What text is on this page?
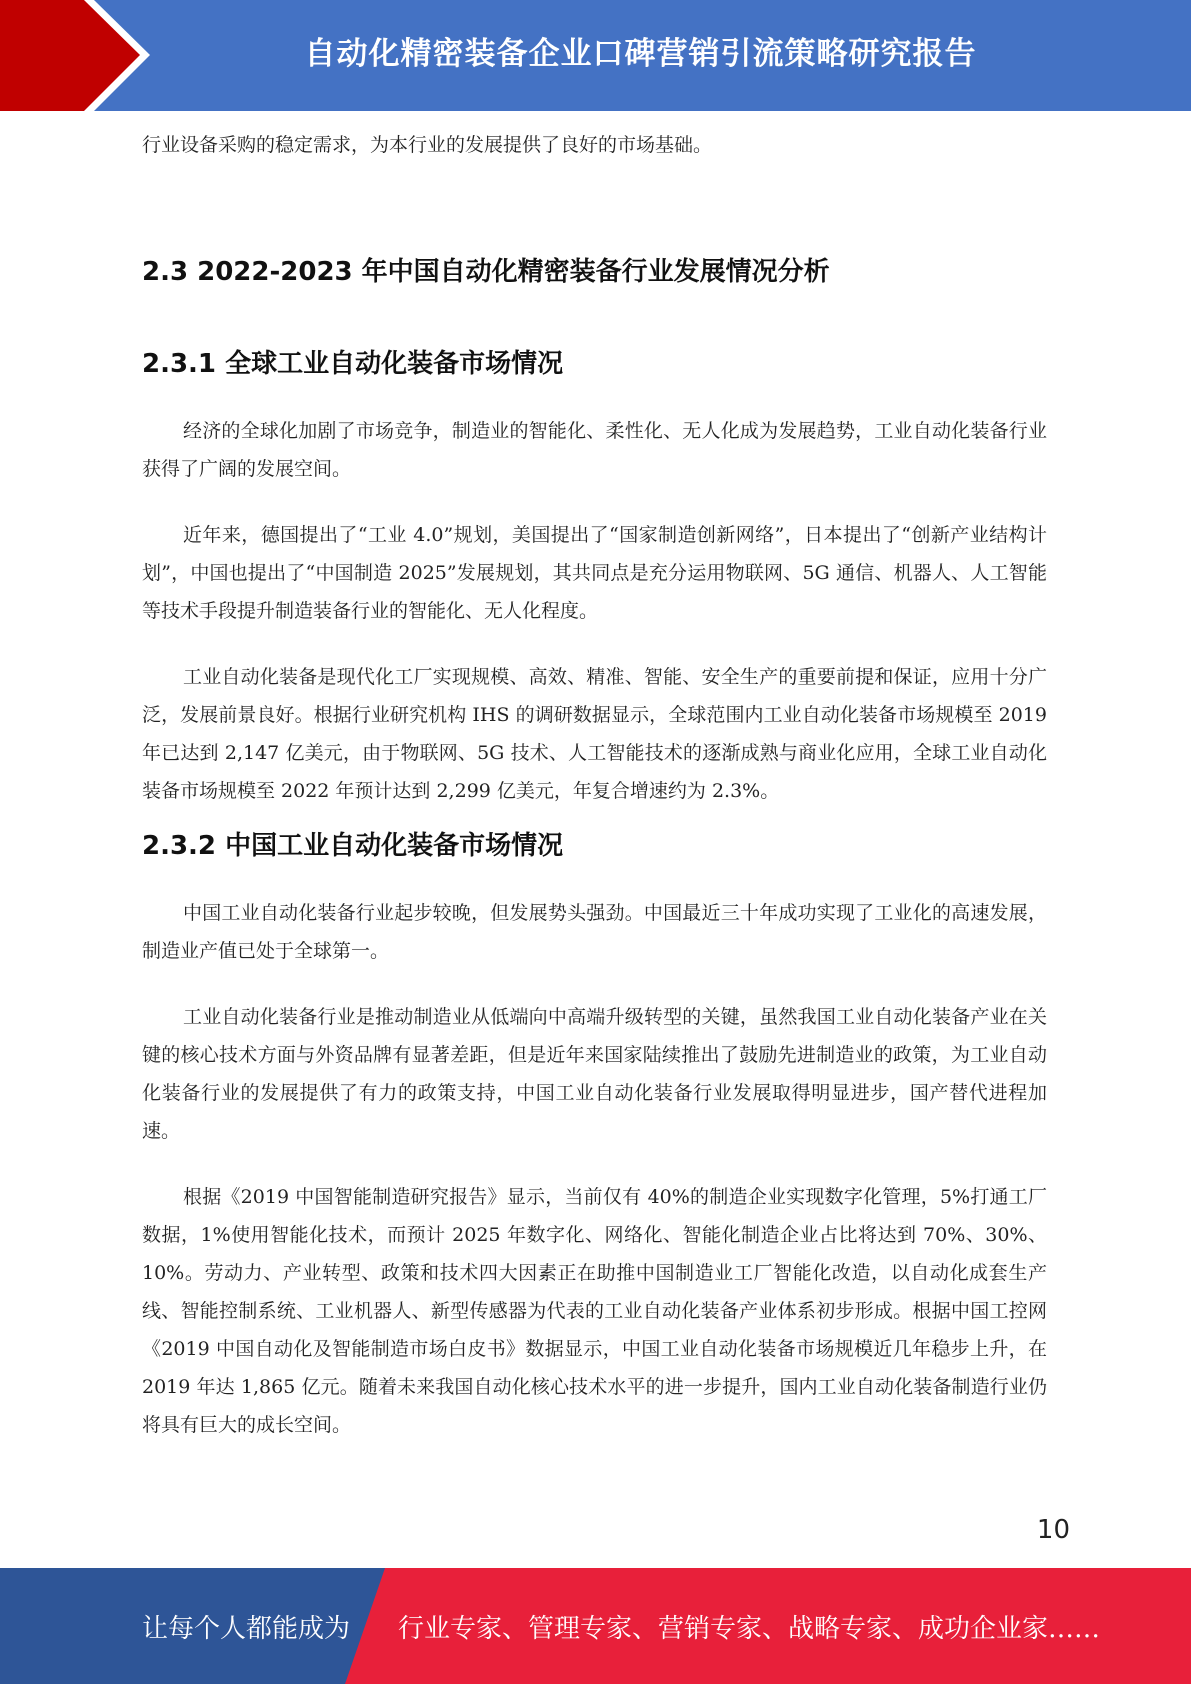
自动化精密装备企业口碑营销引流策略研究报告

行业设备采购的稳定需求，为本行业的发展提供了良好的市场基础。

2.3 2022-2023 年中国自动化精密装备行业发展情况分析
2.3.1 全球工业自动化装备市场情况

经济的全球化加剧了市场竞争，制造业的智能化、柔性化、无人化成为发展趋势，工业自动化装备行业获得了广阔的发展空间。

近年来，德国提出了“工业 4.0”规划，美国提出了“国家制造创新网络”，日本提出了“创新产业结构计划”，中国也提出了“中国制造 2025”发展规划，其共同点是充分运用物联网、5G 通信、机器人、人工智能等技术手段提升制造装备行业的智能化、无人化程度。

工业自动化装备是现代化工厂实现规模、高效、精准、智能、安全生产的重要前提和保证，应用十分广泛，发展前景良好。根据行业研究机构 IHS 的调研数据显示，全球范围内工业自动化装备市场规模至 2019 年已达到 2,147 亿美元，由于物联网、5G 技术、人工智能技术的逐渐成熟与商业化应用，全球工业自动化装备市场规模至 2022 年预计达到 2,299 亿美元，年复合增速约为 2.3%。

2.3.2 中国工业自动化装备市场情况

中国工业自动化装备行业起步较晚，但发展势头强劲。中国最近三十年成功实现了工业化的高速发展，制造业产值已处于全球第一。

工业自动化装备行业是推动制造业从低端向中高端升级转型的关键，虽然我国工业自动化装备产业在关键的核心技术方面与外资品牌有显著差距，但是近年来国家陆续推出了鼓励先进制造业的政策，为工业自动化装备行业的发展提供了有力的政策支持，中国工业自动化装备行业发展取得明显进步，国产替代进程加速。

根据《2019 中国智能制造研究报告》显示，当前仅有 40%的制造企业实现数字化管理，5%打通工厂数据，1%使用智能化技术，而预计 2025 年数字化、网络化、智能化制造企业占比将达到 70%、30%、10%。劳动力、产业转型、政策和技术四大因素正在助推中国制造业工厂智能化改造，以自动化成套生产线、智能控制系统、工业机器人、新型传感器为代表的工业自动化装备产业体系初步形成。根据中国工控网《2019 中国自动化及智能制造市场白皮书》数据显示，中国工业自动化装备市场规模近几年稳步上升，在 2019 年达 1,865 亿元。随着未来我国自动化核心技术水平的进一步提升，国内工业自动化装备制造行业仍将具有巨大的成长空间。

10
让每个人都能成为 行业专家、管理专家、营销专家、战略专家、成功企业家……
